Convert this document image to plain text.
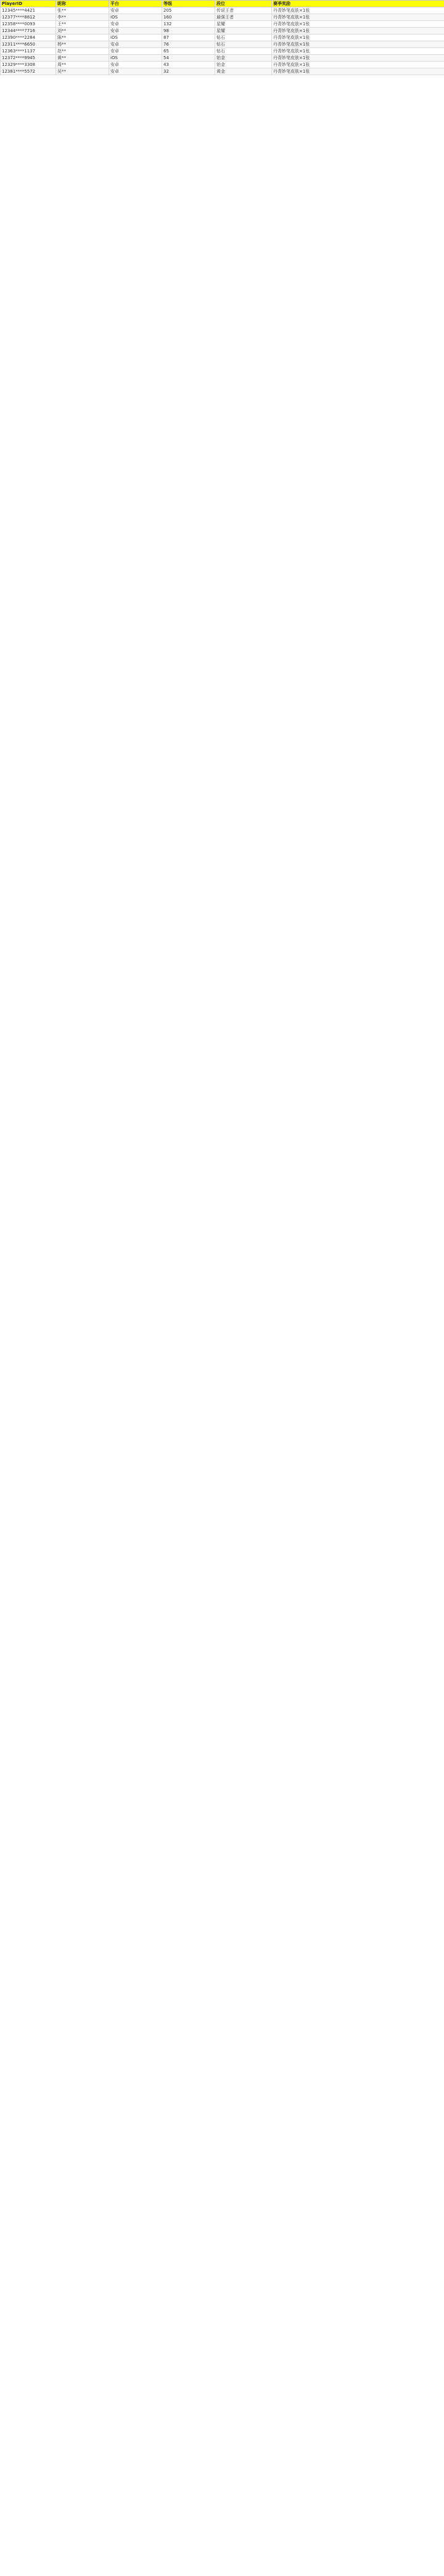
PlayerID	昵称	平台	等级	段位	赛季奖励
12345****4421	张**	安卓	205	传说王者	丹青妙笔皮肤×1张
12377****8812	李**	iOS	160	最强王者	丹青妙笔皮肤×1张
12358****0093	王**	安卓	132	星耀	丹青妙笔皮肤×1张
12344****7716	刘**	安卓	98	星耀	丹青妙笔皮肤×1张
12390****2284	陈**	iOS	87	钻石	丹青妙笔皮肤×1张
12311****6650	杨**	安卓	76	钻石	丹青妙笔皮肤×1张
12363****1137	赵**	安卓	65	钻石	丹青妙笔皮肤×1张
12372****9945	黄**	iOS	54	铂金	丹青妙笔皮肤×1张
12329****3308	周**	安卓	43	铂金	丹青妙笔皮肤×1张
12381****5572	吴**	安卓	32	黄金	丹青妙笔皮肤×1张
